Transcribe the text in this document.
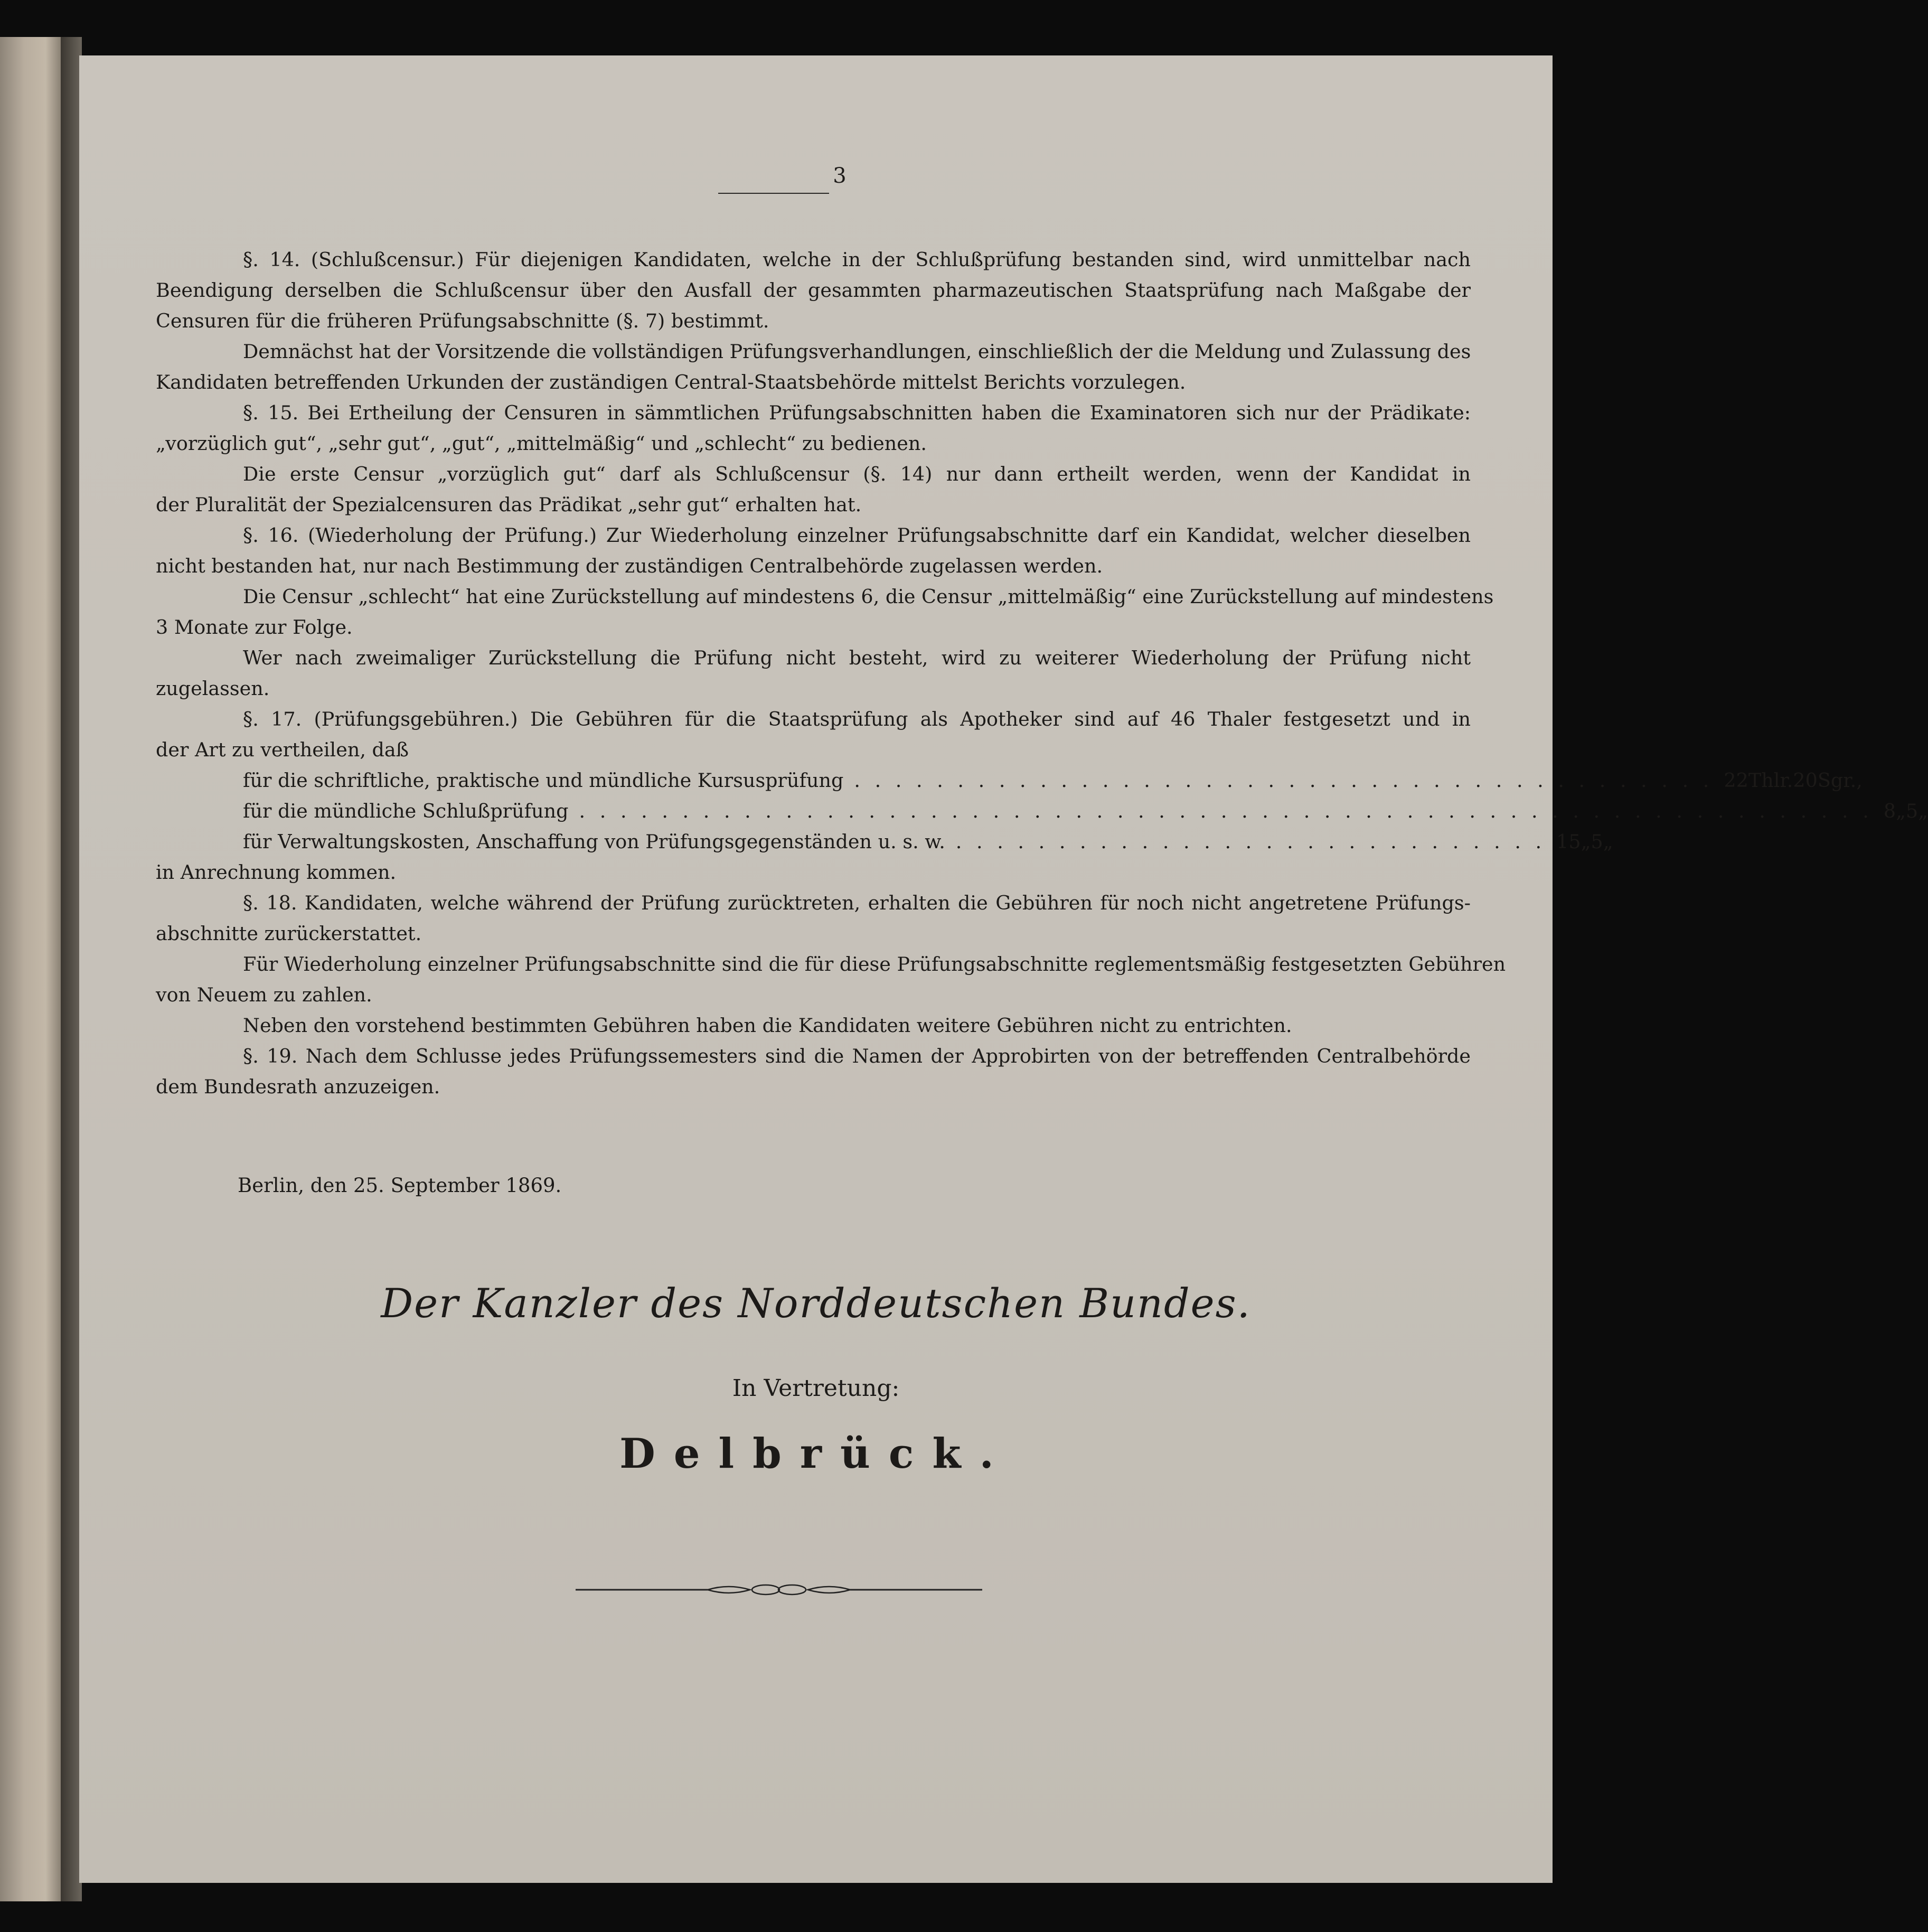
3
§. 14. (Schlußcensur.) Für diejenigen Kandidaten, welche in der Schlußprüfung bestanden sind, wird unmittelbar nach
Beendigung derselben die Schlußcensur über den Ausfall der gesammten pharmazeutischen Staatsprüfung nach Maßgabe der
Censuren für die früheren Prüfungsabschnitte (§. 7) bestimmt.
Demnächst hat der Vorsitzende die vollständigen Prüfungsverhandlungen, einschließlich der die Meldung und Zulassung des
Kandidaten betreffenden Urkunden der zuständigen Central-Staatsbehörde mittelst Berichts vorzulegen.
§. 15. Bei Ertheilung der Censuren in sämmtlichen Prüfungsabschnitten haben die Examinatoren sich nur der Prädikate:
„vorzüglich gut“, „sehr gut“, „gut“, „mittelmäßig“ und „schlecht“ zu bedienen.
Die erste Censur „vorzüglich gut“ darf als Schlußcensur (§. 14) nur dann ertheilt werden, wenn der Kandidat in
der Pluralität der Spezialcensuren das Prädikat „sehr gut“ erhalten hat.
§. 16. (Wiederholung der Prüfung.) Zur Wiederholung einzelner Prüfungsabschnitte darf ein Kandidat, welcher dieselben
nicht bestanden hat, nur nach Bestimmung der zuständigen Centralbehörde zugelassen werden.
Die Censur „schlecht“ hat eine Zurückstellung auf mindestens 6, die Censur „mittelmäßig“ eine Zurückstellung auf mindestens
3 Monate zur Folge.
Wer nach zweimaliger Zurückstellung die Prüfung nicht besteht, wird zu weiterer Wiederholung der Prüfung nicht
zugelassen.
§. 17. (Prüfungsgebühren.) Die Gebühren für die Staatsprüfung als Apotheker sind auf 46 Thaler festgesetzt und in
der Art zu vertheilen, daß
für die schriftliche, praktische und mündliche Kursusprüfung . . . . . . . . . . . . . . . . . . . . . . . . . . . . . . . . . . . . . . . . . . 22 Thlr. 20 Sgr.,
für die mündliche Schlußprüfung . . . . . . . . . . . . . . . . . . . . . . . . . . . . . . . . . . . . . . . . . . . . . . . . . . . . . . . . . . . . . . . 8 „ 5 „
für Verwaltungskosten, Anschaffung von Prüfungsgegenständen u. s. w. . . . . . . . . . . . . . . . . . . . . . . . . . . . . . 15 „ 5 „
in Anrechnung kommen.
§. 18. Kandidaten, welche während der Prüfung zurücktreten, erhalten die Gebühren für noch nicht angetretene Prüfungs-
abschnitte zurückerstattet.
Für Wiederholung einzelner Prüfungsabschnitte sind die für diese Prüfungsabschnitte reglementsmäßig festgesetzten Gebühren
von Neuem zu zahlen.
Neben den vorstehend bestimmten Gebühren haben die Kandidaten weitere Gebühren nicht zu entrichten.
§. 19. Nach dem Schlusse jedes Prüfungssemesters sind die Namen der Approbirten von der betreffenden Centralbehörde
dem Bundesrath anzuzeigen.
Berlin, den 25. September 1869.
Der Kanzler des Norddeutschen Bundes.
In Vertretung:
Delbrück.
